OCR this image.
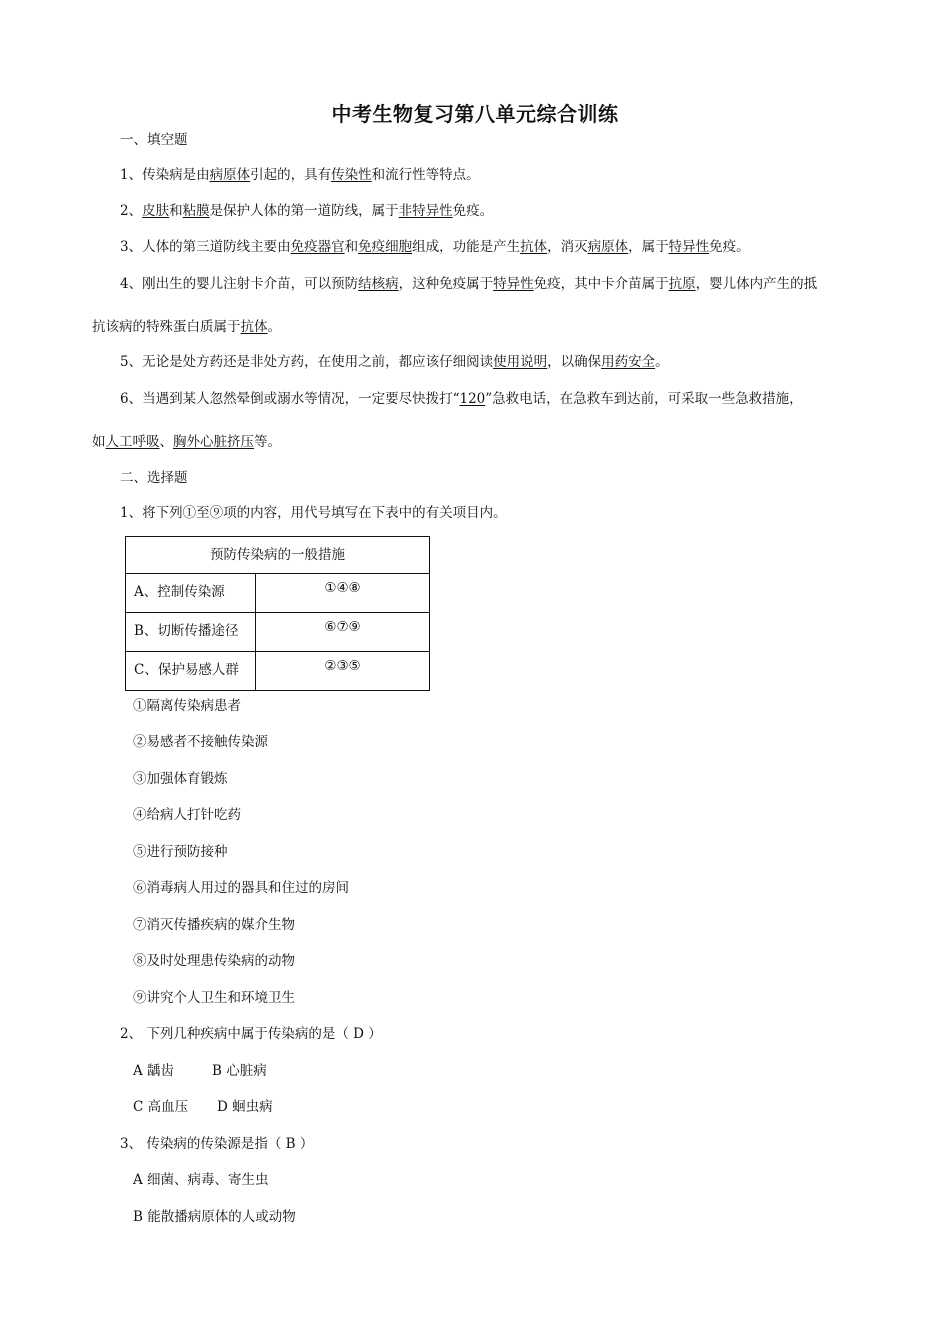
中考生物复习第八单元综合训练
一、填空题
1、传染病是由病原体引起的，具有传染性和流行性等特点。
2、皮肤和粘膜是保护人体的第一道防线，属于非特异性免疫。
3、人体的第三道防线主要由免疫器官和免疫细胞组成，功能是产生抗体，消灭病原体，属于特异性免疫。
4、刚出生的婴儿注射卡介苗，可以预防结核病，这种免疫属于特异性免疫，其中卡介苗属于抗原，婴儿体内产生的抵
抗该病的特殊蛋白质属于抗体。
5、无论是处方药还是非处方药，在使用之前，都应该仔细阅读使用说明，以确保用药安全。
6、当遇到某人忽然晕倒或溺水等情况，一定要尽快拨打“120”急救电话，在急救车到达前，可采取一些急救措施，
如人工呼吸、胸外心脏挤压等。
二、选择题
1、将下列①至⑨项的内容，用代号填写在下表中的有关项目内。
预防传染病的一般措施	
A、控制传染源	①④⑧
B、切断传播途径	⑥⑦⑨
C、保护易感人群	②③⑤
①隔离传染病患者
②易感者不接触传染源
③加强体育锻炼
④给病人打针吃药
⑤进行预防接种
⑥消毒病人用过的器具和住过的房间
⑦消灭传播疾病的媒介生物
⑧及时处理患传染病的动物
⑨讲究个人卫生和环境卫生
2、 下列几种疾病中属于传染病的是（ D ）
A 龋齿	B 心脏病
C 高血压 D 蛔虫病
3、 传染病的传染源是指（ B ）
A 细菌、病毒、寄生虫
B 能散播病原体的人或动物
